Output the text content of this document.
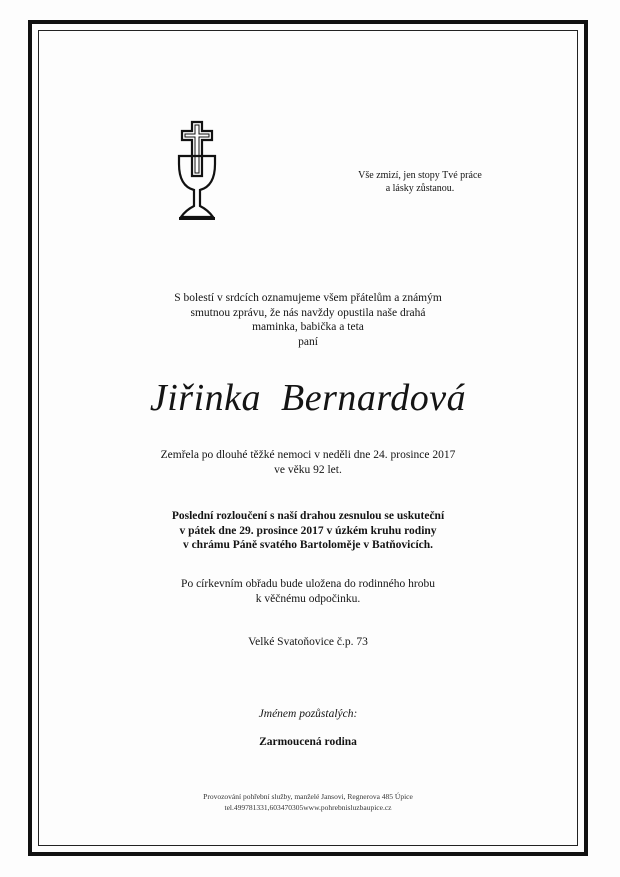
Vše zmizí, jen stopy Tvé práce
a lásky zůstanou.
S bolestí v srdcích oznamujeme všem přátelům a známým
smutnou zprávu, že nás navždy opustila naše drahá
maminka, babička a teta
paní
Jiřinka Bernardová
Zemřela po dlouhé těžké nemoci v neděli dne 24. prosince 2017
ve věku 92 let.
Poslední rozloučení s naší drahou zesnulou se uskuteční
v pátek dne 29. prosince 2017 v úzkém kruhu rodiny
v chrámu Páně svatého Bartoloměje v Batňovicích.
Po církevním obřadu bude uložena do rodinného hrobu
k věčnému odpočinku.
Velké Svatoňovice č.p. 73
Jménem pozůstalých:
Zarmoucená rodina
Provozování pohřební služby, manželé Jansovi, Regnerova 485 Úpice
tel.499781331,603470305www.pohrebnisluzbaupice.cz
